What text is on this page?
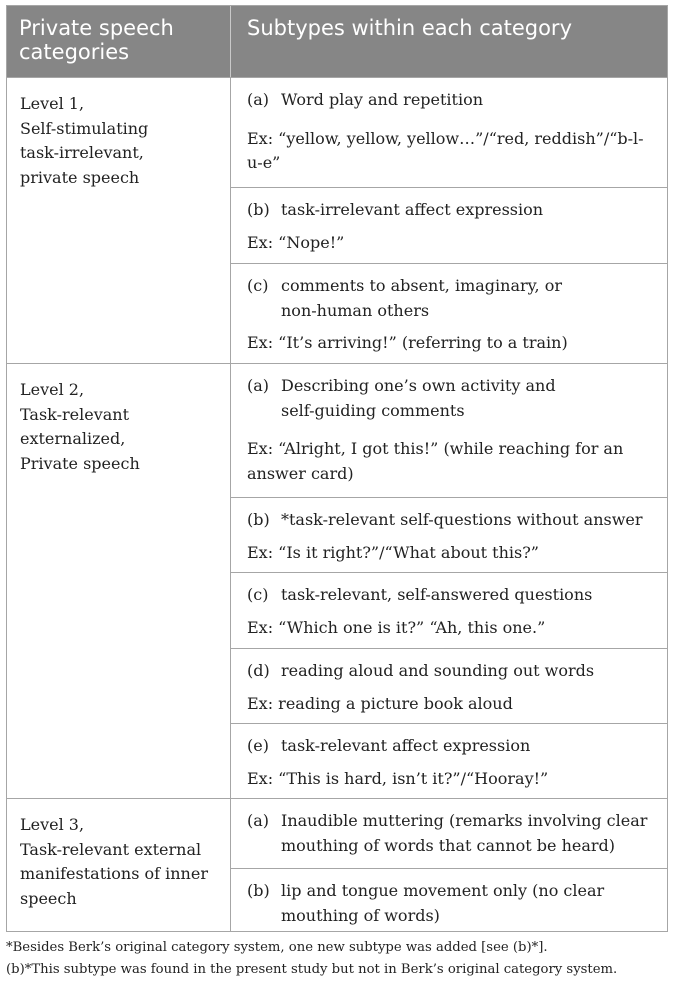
Private speech categories
Subtypes within each category
Level 1,
Self-stimulating
task-irrelevant,
private speech
(a) Word play and repetition
Ex: “yellow, yellow, yellow…”/“red, reddish”/“b-l-u-e”
(b) task-irrelevant affect expression
Ex: “Nope!”
(c) comments to absent, imaginary, or non-human others
Ex: “It’s arriving!” (referring to a train)
Level 2,
Task-relevant
externalized,
Private speech
(a) Describing one’s own activity and self-guiding comments
Ex: “Alright, I got this!” (while reaching for an answer card)
(b) *task-relevant self-questions without answer
Ex: “Is it right?”/“What about this?”
(c) task-relevant, self-answered questions
Ex: “Which one is it?” “Ah, this one.”
(d) reading aloud and sounding out words
Ex: reading a picture book aloud
(e) task-relevant affect expression
Ex: “This is hard, isn’t it?”/“Hooray!”
Level 3,
Task-relevant external
manifestations of inner
speech
(a) Inaudible muttering (remarks involving clear mouthing of words that cannot be heard)
(b) lip and tongue movement only (no clear mouthing of words)
*Besides Berk’s original category system, one new subtype was added [see (b)*].
(b)*This subtype was found in the present study but not in Berk’s original category system.
